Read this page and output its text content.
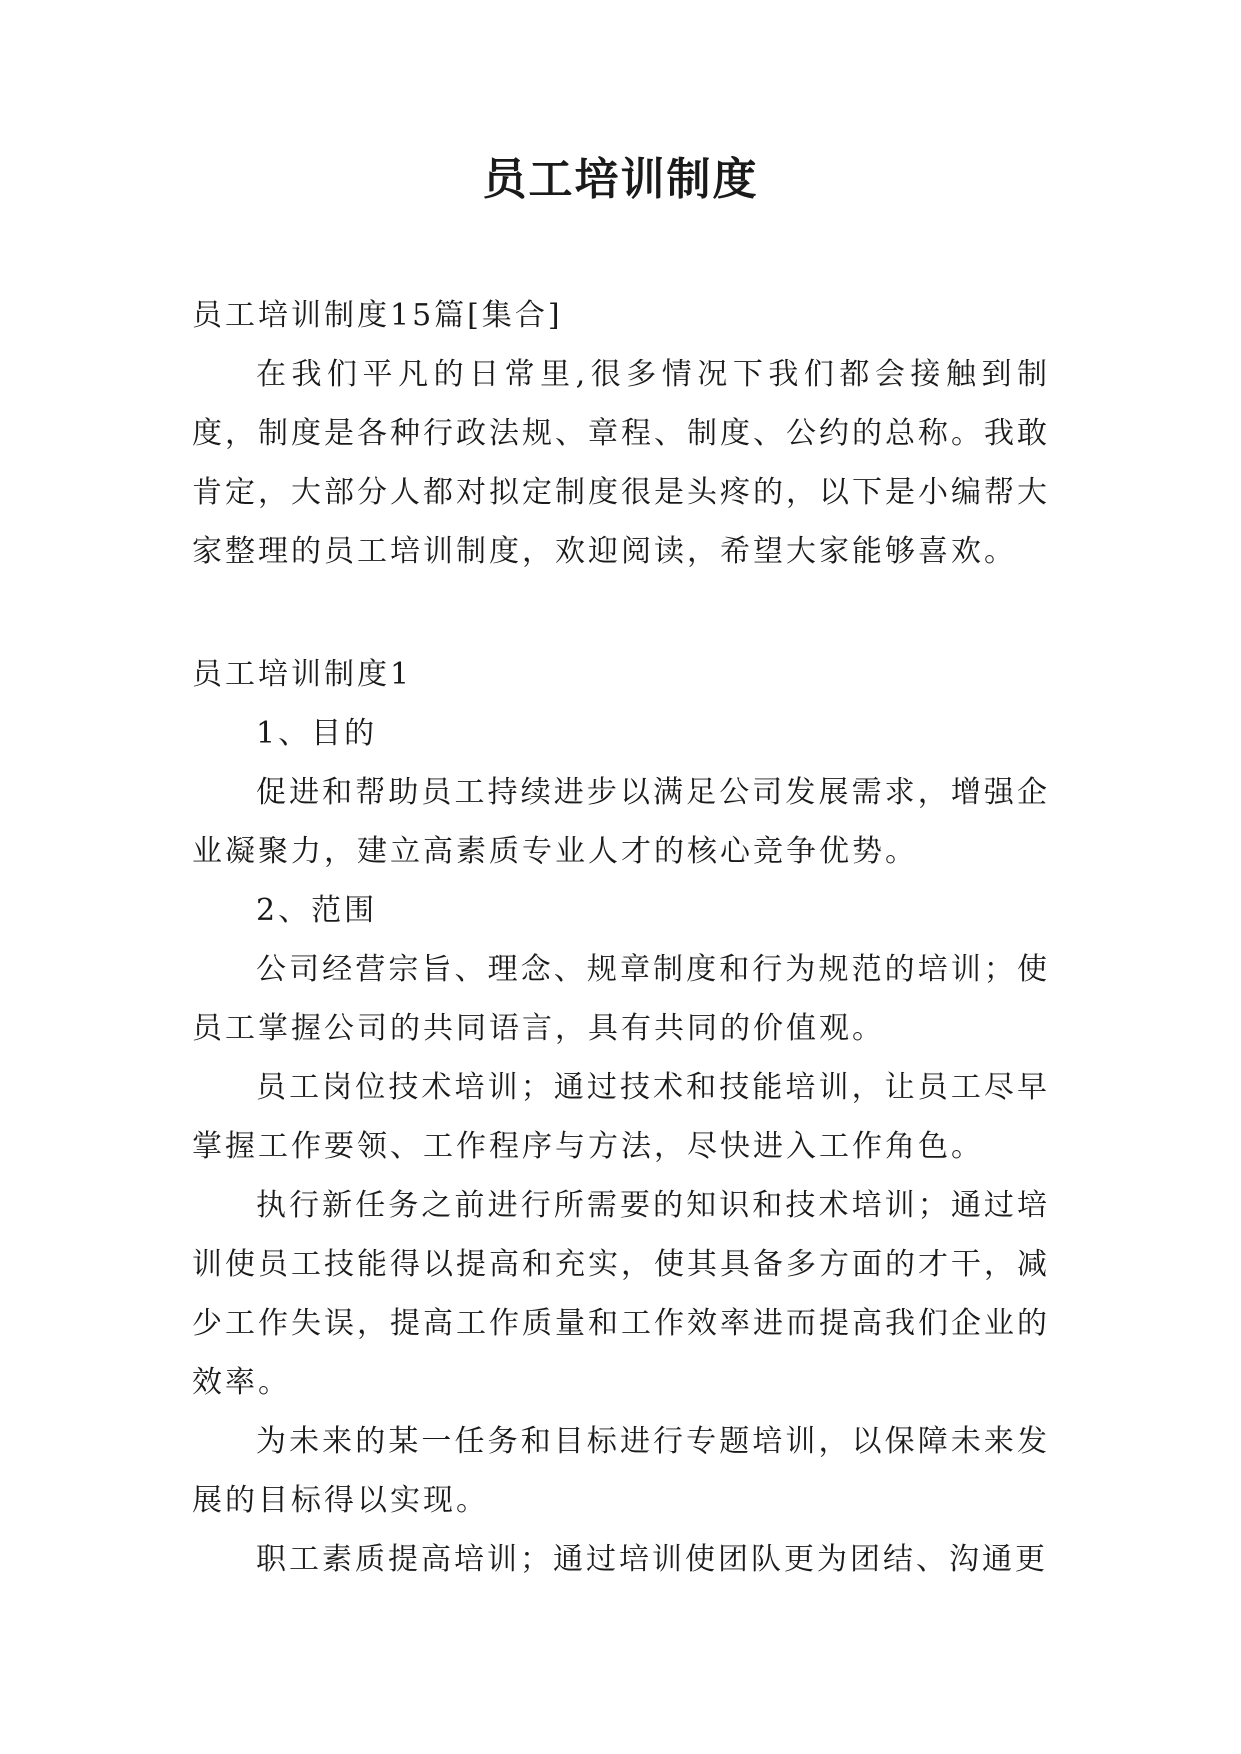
员工培训制度

员工培训制度15篇[集合]

在我们平凡的日常里,很多情况下我们都会接触到制度，制度是各种行政法规、章程、制度、公约的总称。我敢肯定，大部分人都对拟定制度很是头疼的，以下是小编帮大家整理的员工培训制度，欢迎阅读，希望大家能够喜欢。

员工培训制度1

1、目的

促进和帮助员工持续进步以满足公司发展需求，增强企业凝聚力，建立高素质专业人才的核心竞争优势。

2、范围

公司经营宗旨、理念、规章制度和行为规范的培训；使员工掌握公司的共同语言，具有共同的价值观。

员工岗位技术培训；通过技术和技能培训，让员工尽早掌握工作要领、工作程序与方法，尽快进入工作角色。

执行新任务之前进行所需要的知识和技术培训；通过培训使员工技能得以提高和充实，使其具备多方面的才干，减少工作失误，提高工作质量和工作效率进而提高我们企业的效率。

为未来的某一任务和目标进行专题培训，以保障未来发展的目标得以实现。

职工素质提高培训；通过培训使团队更为团结、沟通更
